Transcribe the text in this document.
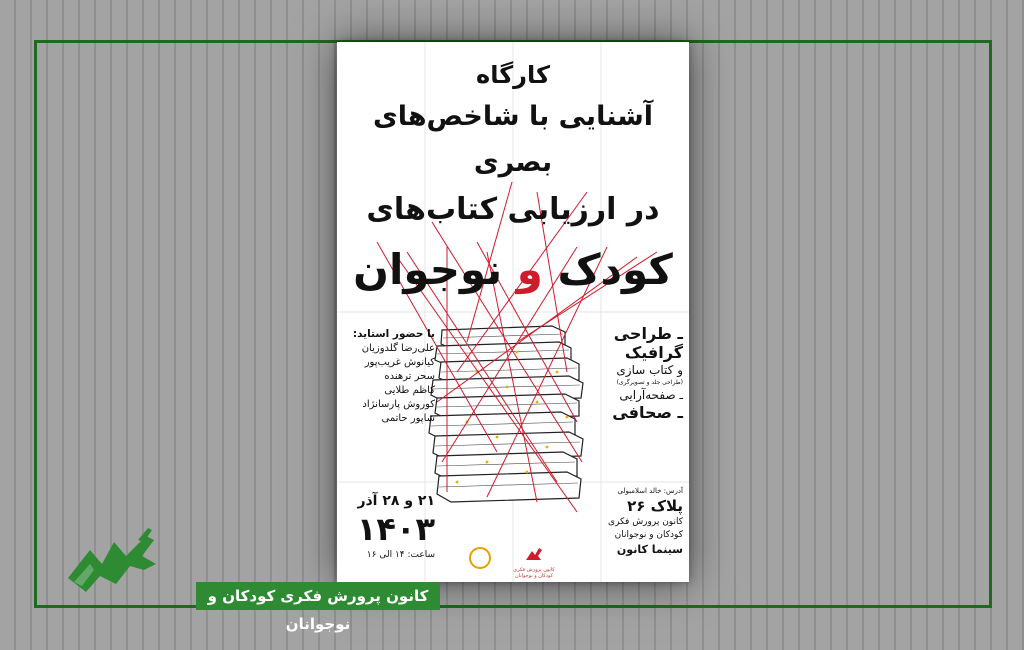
کارگاه
آشنایی با شاخص‌های بصری
در ارزیابی کتاب‌های
کودک و نوجوان
با حضور استاید:
علی‌رضا گلدوزیان
کیانوش غریب‌پور
سحر ترهنده
کاظم طلایی
کوروش پارسانژاد
شاپور حاتمی
ـ طراحی
گرافیک
و کتاب سازی
(طراحی جلد و تصویرگری)
ـ صفحه‌آرایی
ـ صحافی
۲۱ و ۲۸ آذر
۱۴۰۳
ساعت: ۱۴ الی ۱۶
آدرس: خالد اسلامبولی
پلاک ۲۶
کانون پرورش فکری
کودکان و نوجوانان
سینما کانون
کانون پرورش فکری کودکان و نوجوانان
کانون پرورش فکری کودکان و نوجوانان
